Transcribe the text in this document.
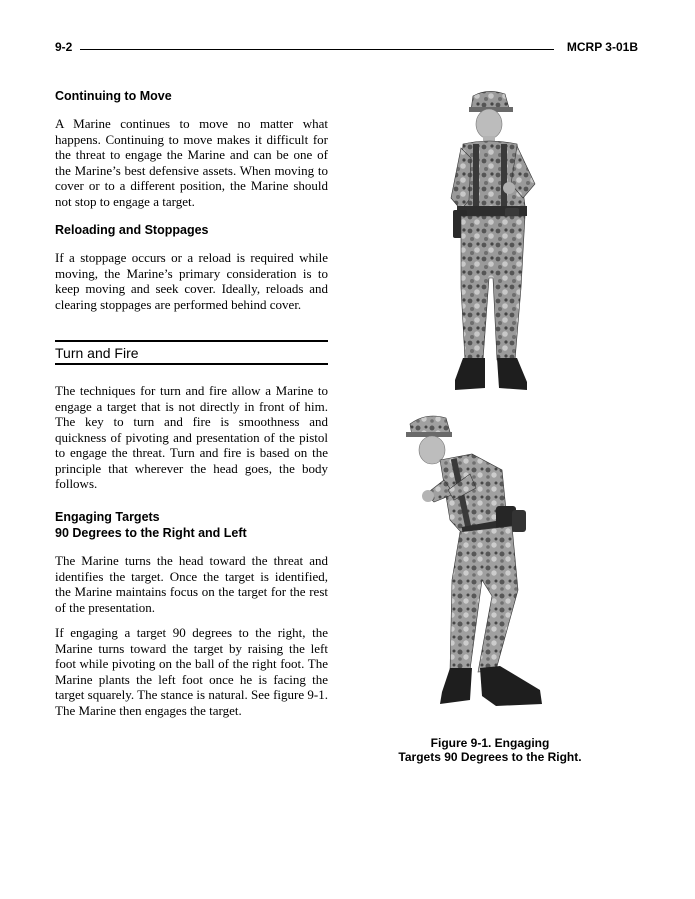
9-2	MCRP 3-01B

Continuing to Move

A Marine continues to move no matter what happens. Continuing to move makes it difficult for the threat to engage the Marine and can be one of the Marine’s best defensive assets. When moving to cover or to a different position, the Marine should not stop to engage a target.

Reloading and Stoppages

If a stoppage occurs or a reload is required while moving, the Marine’s primary consideration is to keep moving and seek cover. Ideally, reloads and clearing stoppages are performed behind cover.

Turn and Fire

The techniques for turn and fire allow a Marine to engage a target that is not directly in front of him. The key to turn and fire is smoothness and quickness of pivoting and presentation of the pistol to engage the threat. Turn and fire is based on the principle that wherever the head goes, the body follows.

Engaging Targets

90 Degrees to the Right and Left

The Marine turns the head toward the threat and identifies the target. Once the target is identified, the Marine maintains focus on the target for the rest of the presentation.

If engaging a target 90 degrees to the right, the Marine turns toward the target by raising the left foot while pivoting on the ball of the right foot. The Marine plants the left foot once he is facing the target squarely. The stance is natural. See figure 9-1. The Marine then engages the target.

Figure 9-1. Engaging
Targets 90 Degrees to the Right.
